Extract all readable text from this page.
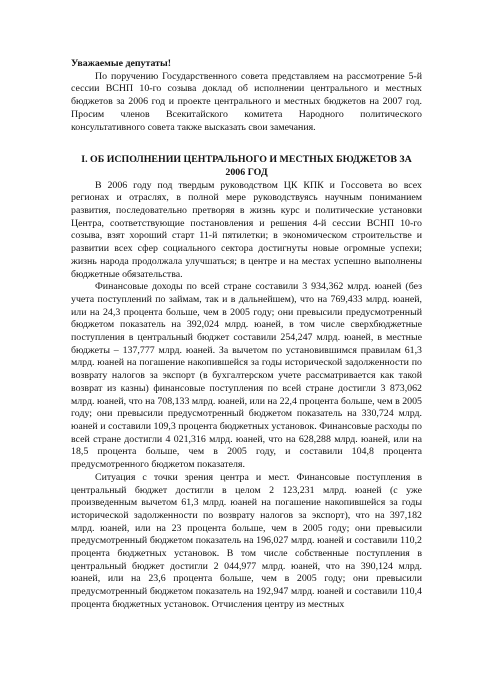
Уважаемые депутаты!

По поручению Государственного совета представляем на рассмотрение 5-й сессии ВСНП 10-го созыва доклад об исполнении центрального и местных бюджетов за 2006 год и проекте центрального и местных бюджетов на 2007 год. Просим членов Всекитайского комитета Народного политического консультативного совета также высказать свои замечания.

I. ОБ ИСПОЛНЕНИИ ЦЕНТРАЛЬНОГО И МЕСТНЫХ БЮДЖЕТОВ ЗА 2006 ГОД

В 2006 году под твердым руководством ЦК КПК и Госсовета во всех регионах и отраслях, в полной мере руководствуясь научным пониманием развития, последовательно претворяя в жизнь курс и политические установки Центра, соответствующие постановления и решения 4-й сессии ВСНП 10-го созыва, взят хороший старт 11-й пятилетки; в экономическом строительстве и развитии всех сфер социального сектора достигнуты новые огромные успехи; жизнь народа продолжала улучшаться; в центре и на местах успешно выполнены бюджетные обязательства.

Финансовые доходы по всей стране составили 3 934,362 млрд. юаней (без учета поступлений по займам, так и в дальнейшем), что на 769,433 млрд. юаней, или на 24,3 процента больше, чем в 2005 году; они превысили предусмотренный бюджетом показатель на 392,024 млрд. юаней, в том числе сверхбюджетные поступления в центральный бюджет составили 254,247 млрд. юаней, в местные бюджеты – 137,777 млрд. юаней. За вычетом по установившимся правилам 61,3 млрд. юаней на погашение накопившейся за годы исторической задолженности по возврату налогов за экспорт (в бухгалтерском учете рассматривается как такой возврат из казны) финансовые поступления по всей стране достигли 3 873,062 млрд. юаней, что на 708,133 млрд. юаней, или на 22,4 процента больше, чем в 2005 году; они превысили предусмотренный бюджетом показатель на 330,724 млрд. юаней и составили 109,3 процента бюджетных установок. Финансовые расходы по всей стране достигли 4 021,316 млрд. юаней, что на 628,288 млрд. юаней, или на 18,5 процента больше, чем в 2005 году, и составили 104,8 процента предусмотренного бюджетом показателя.

Ситуация с точки зрения центра и мест. Финансовые поступления в центральный бюджет достигли в целом 2 123,231 млрд. юаней (с уже произведенным вычетом 61,3 млрд. юаней на погашение накопившейся за годы исторической задолженности по возврату налогов за экспорт), что на 397,182 млрд. юаней, или на 23 процента больше, чем в 2005 году; они превысили предусмотренный бюджетом показатель на 196,027 млрд. юаней и составили 110,2 процента бюджетных установок. В том числе собственные поступления в центральный бюджет достигли 2 044,977 млрд. юаней, что на 390,124 млрд. юаней, или на 23,6 процента больше, чем в 2005 году; они превысили предусмотренный бюджетом показатель на 192,947 млрд. юаней и составили 110,4 процента бюджетных установок. Отчисления центру из местных
